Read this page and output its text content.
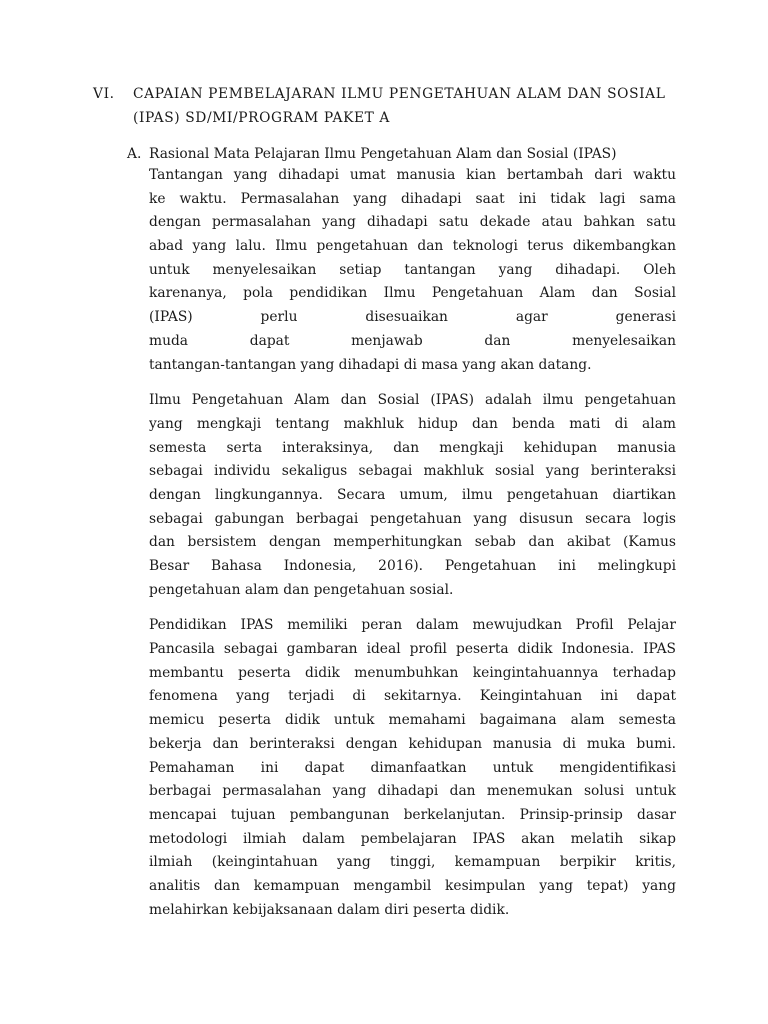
VI. CAPAIAN PEMBELAJARAN ILMU PENGETAHUAN ALAM DAN SOSIAL
(IPAS) SD/MI/PROGRAM PAKET A
A. Rasional Mata Pelajaran Ilmu Pengetahuan Alam dan Sosial (IPAS)
Tantangan yang dihadapi umat manusia kian bertambah dari waktu
ke waktu. Permasalahan yang dihadapi saat ini tidak lagi sama
dengan permasalahan yang dihadapi satu dekade atau bahkan satu
abad yang lalu. Ilmu pengetahuan dan teknologi terus dikembangkan
untuk menyelesaikan setiap tantangan yang dihadapi. Oleh
karenanya, pola pendidikan Ilmu Pengetahuan Alam dan Sosial
(IPAS) perlu disesuaikan agar generasi
muda dapat menjawab dan menyelesaikan
tantangan-tantangan yang dihadapi di masa yang akan datang.
Ilmu Pengetahuan Alam dan Sosial (IPAS) adalah ilmu pengetahuan
yang mengkaji tentang makhluk hidup dan benda mati di alam
semesta serta interaksinya, dan mengkaji kehidupan manusia
sebagai individu sekaligus sebagai makhluk sosial yang berinteraksi
dengan lingkungannya. Secara umum, ilmu pengetahuan diartikan
sebagai gabungan berbagai pengetahuan yang disusun secara logis
dan bersistem dengan memperhitungkan sebab dan akibat (Kamus
Besar Bahasa Indonesia, 2016). Pengetahuan ini melingkupi
pengetahuan alam dan pengetahuan sosial.
Pendidikan IPAS memiliki peran dalam mewujudkan Profil Pelajar
Pancasila sebagai gambaran ideal profil peserta didik Indonesia. IPAS
membantu peserta didik menumbuhkan keingintahuannya terhadap
fenomena yang terjadi di sekitarnya. Keingintahuan ini dapat
memicu peserta didik untuk memahami bagaimana alam semesta
bekerja dan berinteraksi dengan kehidupan manusia di muka bumi.
Pemahaman ini dapat dimanfaatkan untuk mengidentifikasi
berbagai permasalahan yang dihadapi dan menemukan solusi untuk
mencapai tujuan pembangunan berkelanjutan. Prinsip-prinsip dasar
metodologi ilmiah dalam pembelajaran IPAS akan melatih sikap
ilmiah (keingintahuan yang tinggi, kemampuan berpikir kritis,
analitis dan kemampuan mengambil kesimpulan yang tepat) yang
melahirkan kebijaksanaan dalam diri peserta didik.
